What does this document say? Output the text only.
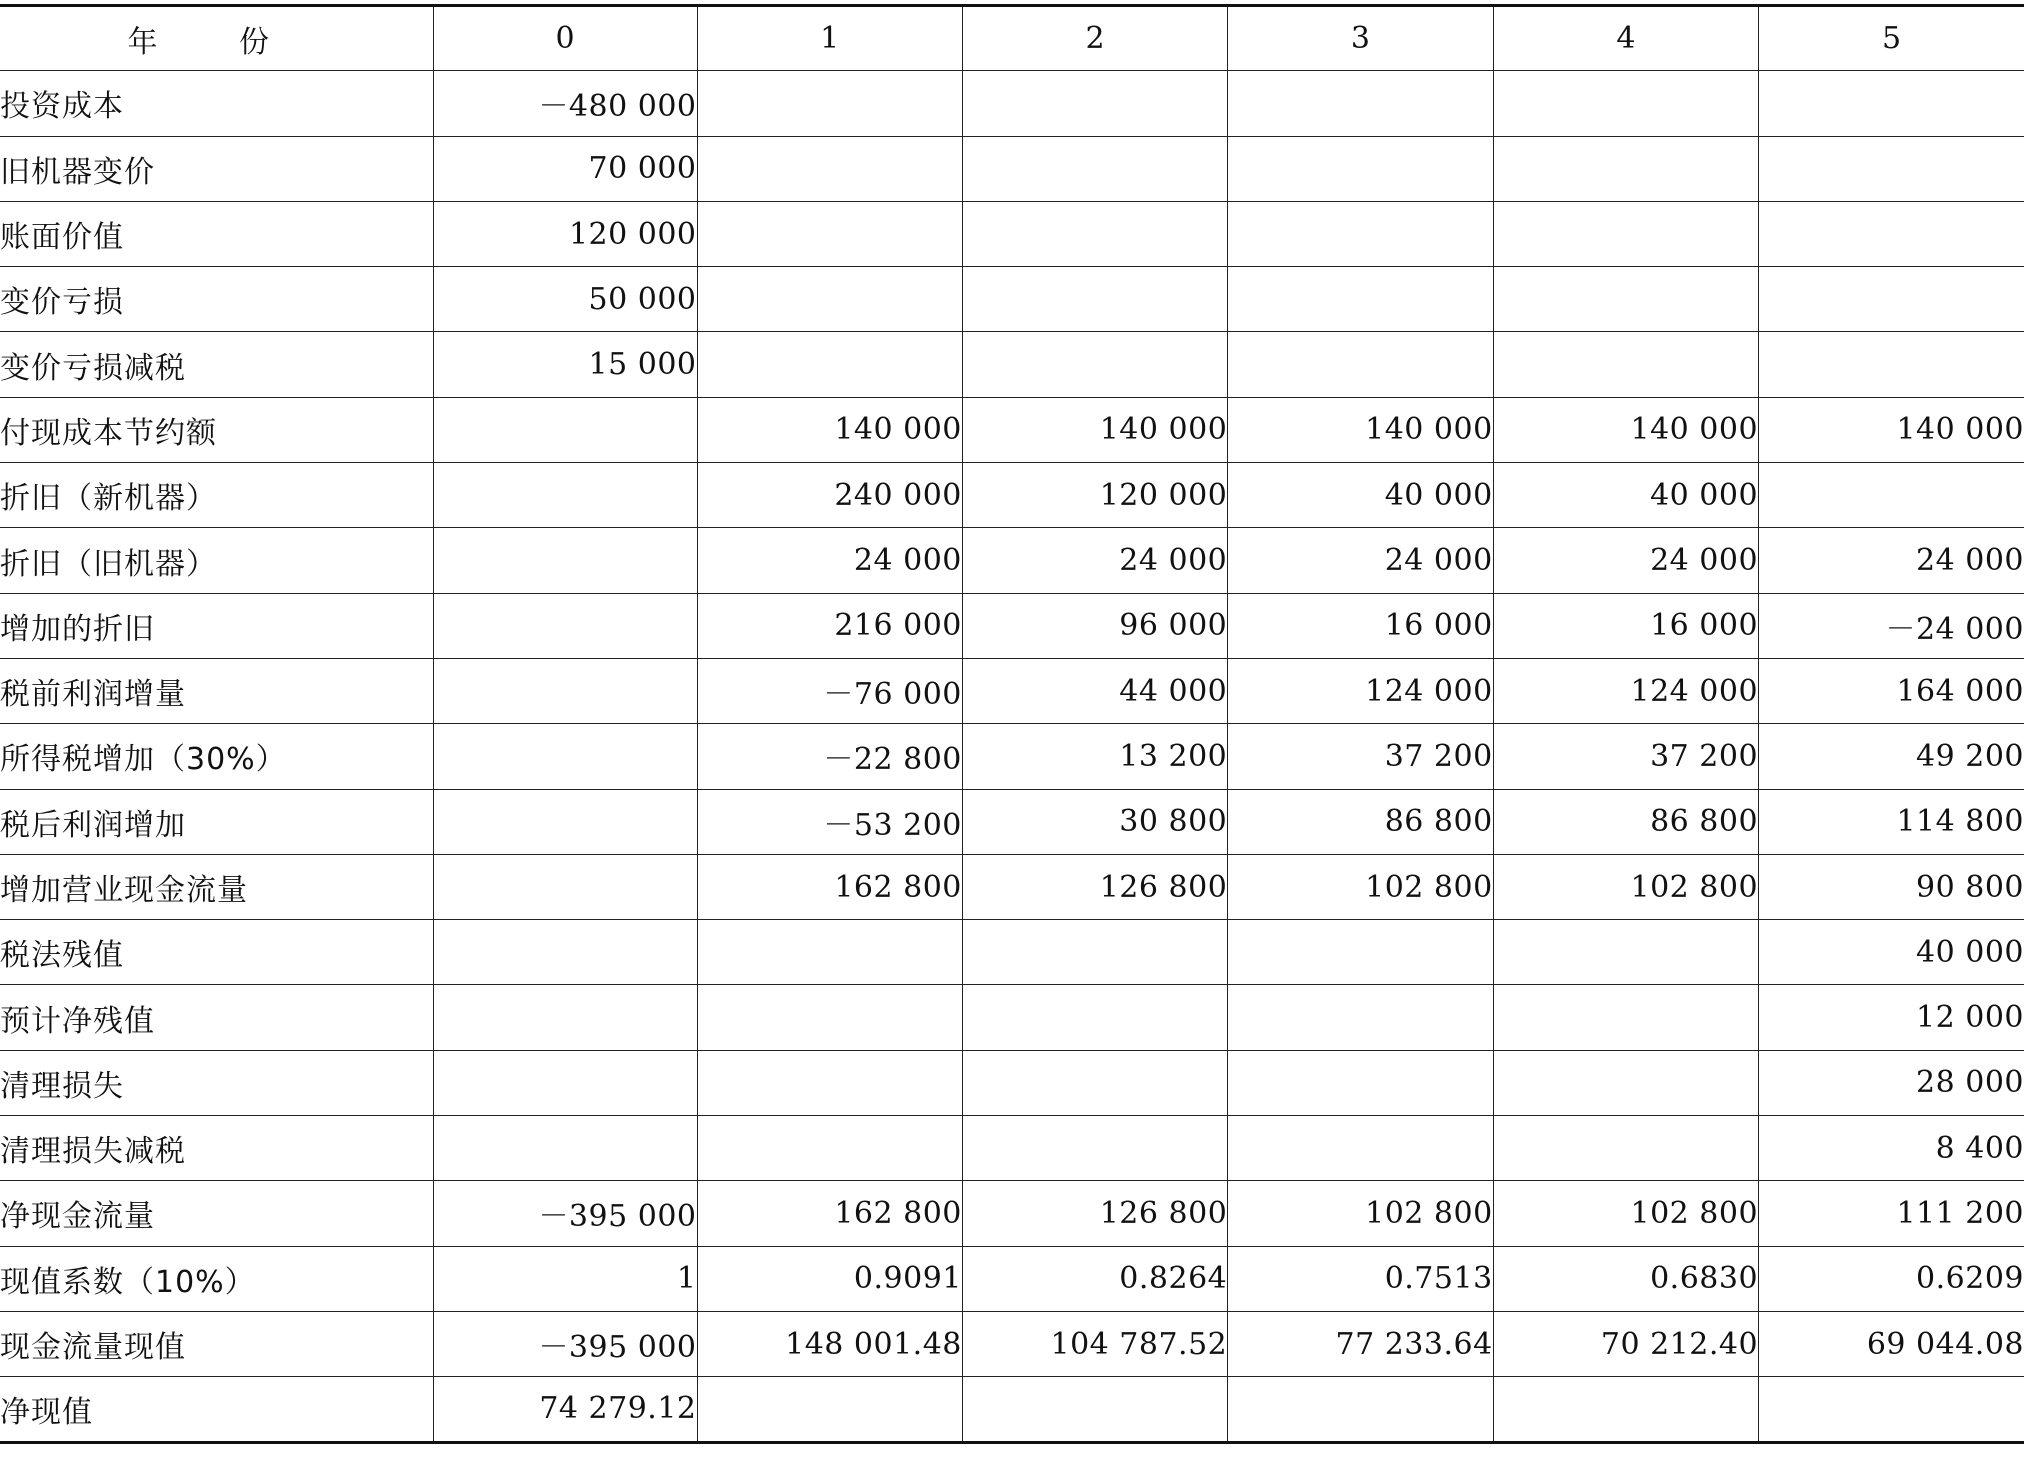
年 份	0	1	2	3	4	5
投资成本	－480 000					
旧机器变价	70 000					
账面价值	120 000					
变价亏损	50 000					
变价亏损减税	15 000					
付现成本节约额		140 000	140 000	140 000	140 000	140 000
折旧（新机器）		240 000	120 000	40 000	40 000	
折旧（旧机器）		24 000	24 000	24 000	24 000	24 000
增加的折旧		216 000	96 000	16 000	16 000	－24 000
税前利润增量		－76 000	44 000	124 000	124 000	164 000
所得税增加（30%）		－22 800	13 200	37 200	37 200	49 200
税后利润增加		－53 200	30 800	86 800	86 800	114 800
增加营业现金流量		162 800	126 800	102 800	102 800	90 800
税法残值						40 000
预计净残值						12 000
清理损失						28 000
清理损失减税						8 400
净现金流量	－395 000	162 800	126 800	102 800	102 800	111 200
现值系数（10%）	1	0.9091	0.8264	0.7513	0.6830	0.6209
现金流量现值	－395 000	148 001.48	104 787.52	77 233.64	70 212.40	69 044.08
净现值	74 279.12					
